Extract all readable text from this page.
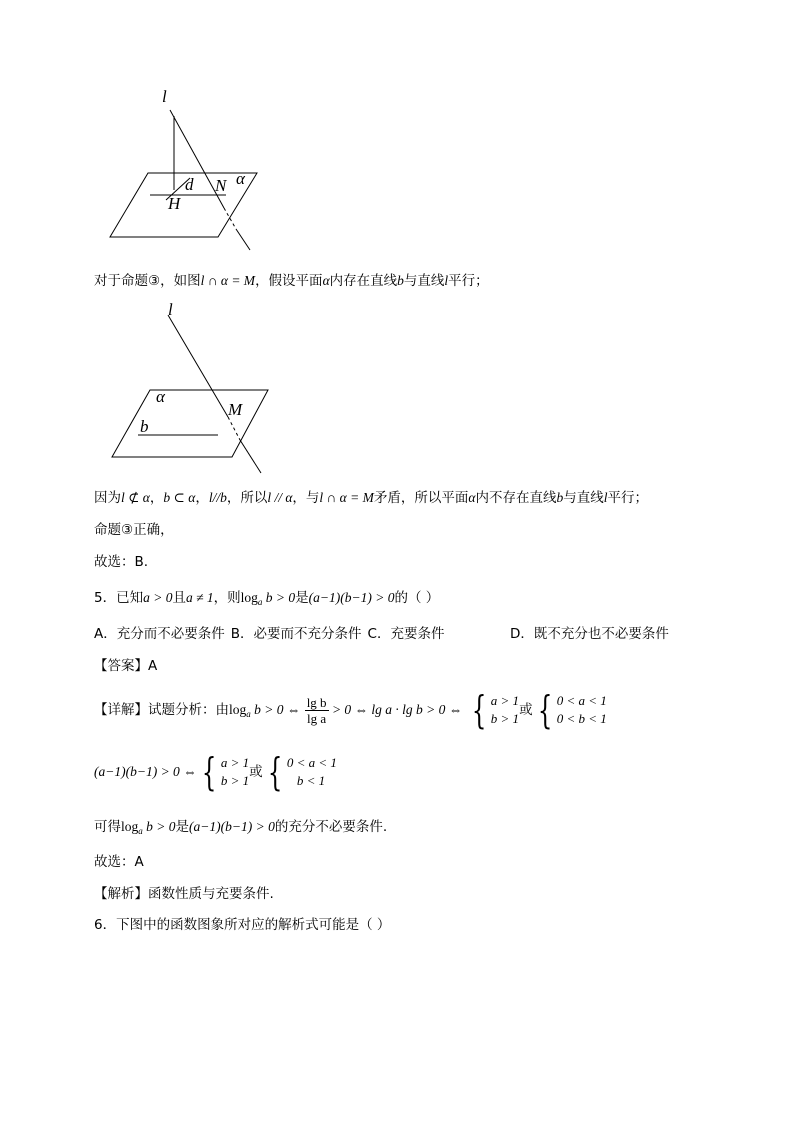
l
d N α
H
对于命题③，如图l ∩ α = M，假设平面α内存在直线b与直线l平行；
l
α
M
b
因为l ⊄ α，b ⊂ α，l//b，所以l // α，与l ∩ α = M矛盾，所以平面α内不存在直线b与直线l平行；
命题③正确，
故选：B.
5．已知a > 0且a ≠ 1，则$\log_a b > 0$是(a−1)(b−1) > 0的（ ）
A．充分而不必要条件 B．必要而不充分条件 C．充要条件	D．既不充分也不必要条件
【答案】A
【详解】试题分析：由$\log_a b > 0$ ⇔ $\frac{\text{lg b}}{\text{lg a}} > 0$ ⇔ lg a · lg b > 0 ⇔ { a > 1
b > 1
或 { 0 < a < 1
0 < b < 1
(a−1)(b−1) > 0 ⇔ { a > 1
b > 1
或 { 0 < a < 1
b < 1
可得$\log_a b > 0$是(a−1)(b−1) > 0的充分不必要条件.
故选：A
【解析】函数性质与充要条件.
6．下图中的函数图象所对应的解析式可能是（ ）
